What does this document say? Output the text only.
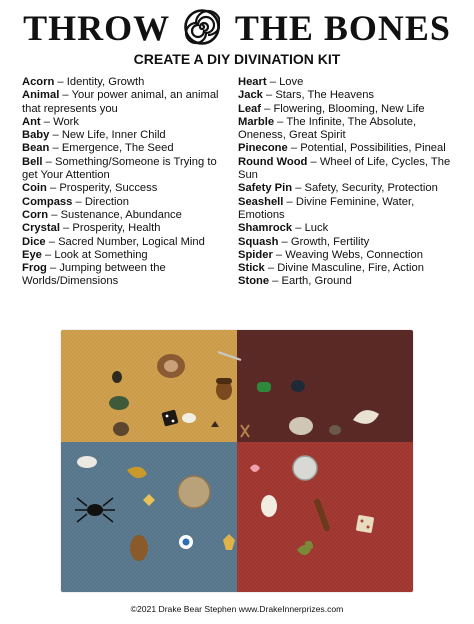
THROW THE BONES
CREATE A DIY DIVINATION KIT

Acorn – Identity, Growth

Animal – Your power animal, an animal that represents you

Ant – Work

Baby – New Life, Inner Child

Bean – Emergence, The Seed

Bell – Something/Someone is Trying to get Your Attention

Coin – Prosperity, Success

Compass – Direction

Corn – Sustenance, Abundance

Crystal – Prosperity, Health

Dice – Sacred Number, Logical Mind

Eye – Look at Something

Frog – Jumping between the Worlds/Dimensions

Heart – Love

Jack – Stars, The Heavens

Leaf – Flowering, Blooming, New Life

Marble – The Infinite, The Absolute, Oneness, Great Spirit

Pinecone – Potential, Possibilities, Pineal

Round Wood – Wheel of Life, Cycles, The Sun

Safety Pin – Safety, Security, Protection

Seashell – Divine Feminine, Water, Emotions

Shamrock – Luck

Squash – Growth, Fertility

Spider – Weaving Webs, Connection

Stick – Divine Masculine, Fire, Action

Stone – Earth, Ground

©2021 Drake Bear Stephen www.DrakeInnerprizes.com
